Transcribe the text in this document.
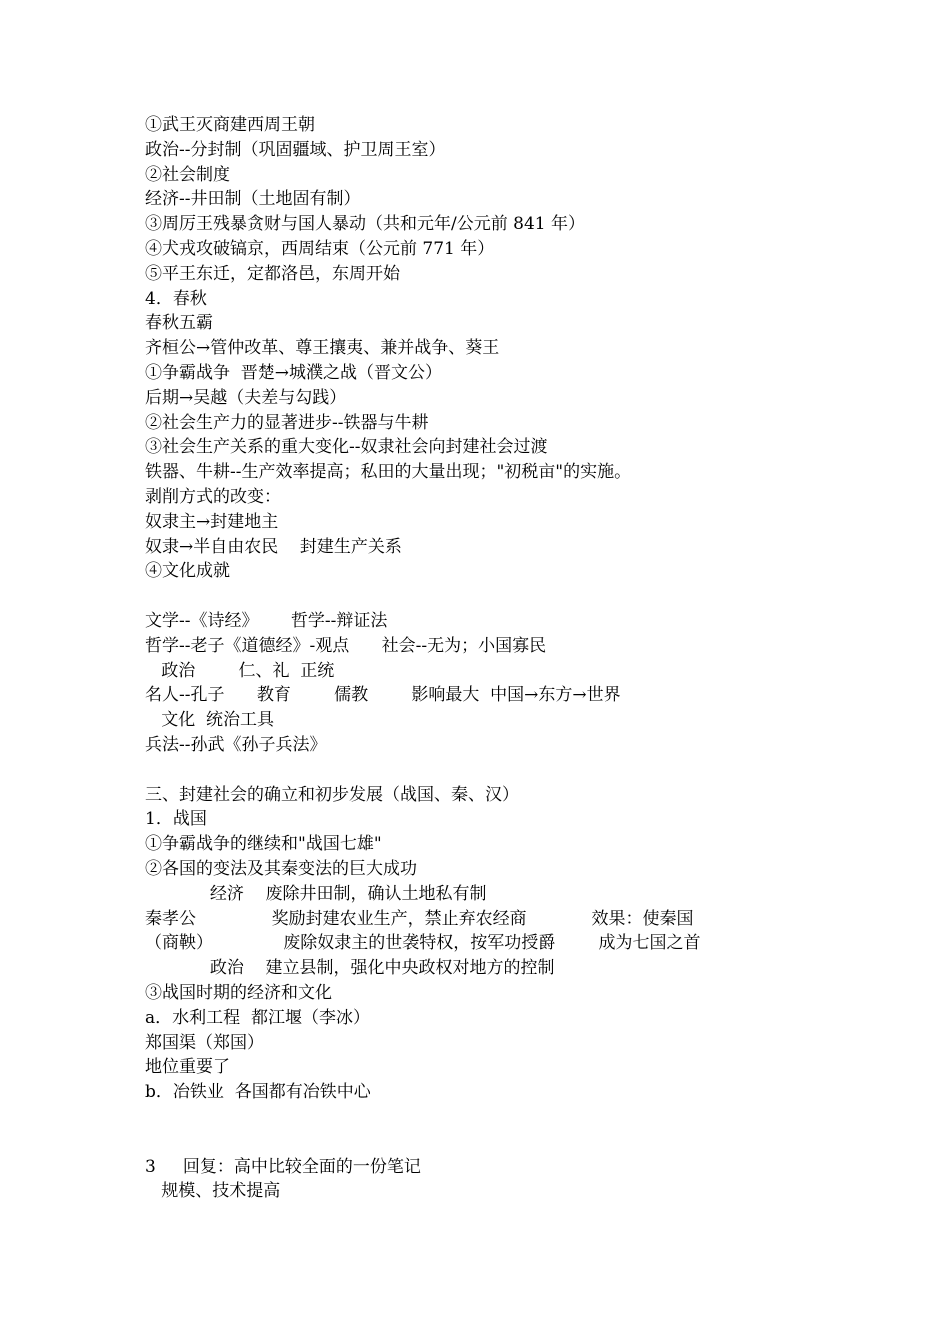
①武王灭商建西周王朝
政治--分封制（巩固疆域、护卫周王室）
②社会制度
经济--井田制（土地固有制）
③周厉王残暴贪财与国人暴动（共和元年/公元前 841 年）
④犬戎攻破镐京，西周结束（公元前 771 年）
⑤平王东迁，定都洛邑，东周开始
4．春秋
春秋五霸
齐桓公→管仲改革、尊王攘夷、兼并战争、葵王
①争霸战争  晋楚→城濮之战（晋文公）
后期→吴越（夫差与勾践）
②社会生产力的显著进步--铁器与牛耕
③社会生产关系的重大变化--奴隶社会向封建社会过渡
铁器、牛耕--生产效率提高；私田的大量出现；"初税亩"的实施。
剥削方式的改变：
奴隶主→封建地主
奴隶→半自由农民    封建生产关系
④文化成就
文学--《诗经》      哲学--辩证法
哲学--老子《道德经》-观点      社会--无为；小国寡民
政治        仁、礼  正统
名人--孔子      教育        儒教        影响最大  中国→东方→世界
文化  统治工具
兵法--孙武《孙子兵法》
三、封建社会的确立和初步发展（战国、秦、汉）
1．战国
①争霸战争的继续和"战国七雄"
②各国的变法及其秦变法的巨大成功
经济    废除井田制，确认土地私有制
秦孝公              奖励封建农业生产，禁止弃农经商            效果：使秦国
（商鞅）             废除奴隶主的世袭特权，按军功授爵        成为七国之首
政治    建立县制，强化中央政权对地方的控制
③战国时期的经济和文化
a．水利工程  都江堰（李冰）
郑国渠（郑国）
地位重要了
b．冶铁业  各国都有冶铁中心
3     回复：高中比较全面的一份笔记
规模、技术提高
